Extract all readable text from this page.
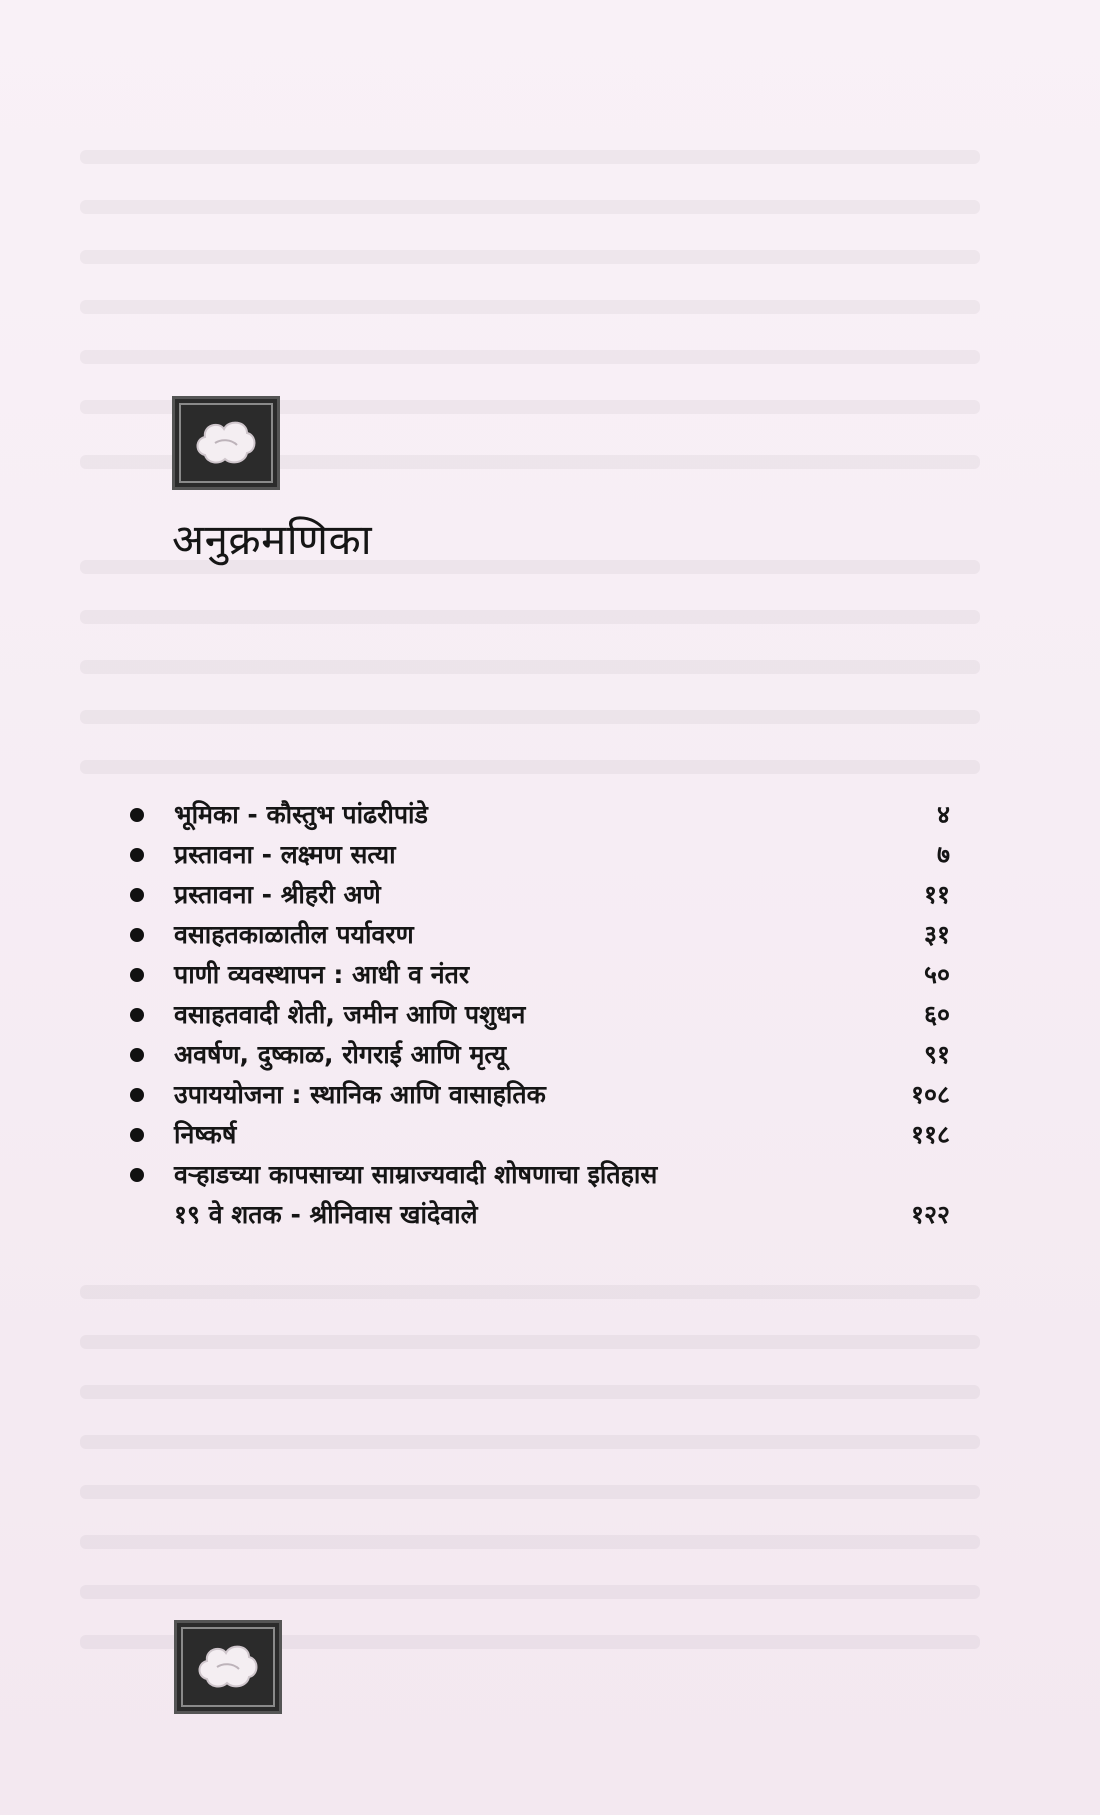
अनुक्रमणिका
भूमिका - कौस्तुभ पांढरीपांडे	४
प्रस्तावना - लक्ष्मण सत्या	७
प्रस्तावना - श्रीहरी अणे	११
वसाहतकाळातील पर्यावरण	३१
पाणी व्यवस्थापन : आधी व नंतर	५०
वसाहतवादी शेती, जमीन आणि पशुधन	६०
अवर्षण, दुष्काळ, रोगराई आणि मृत्यू	९१
उपाययोजना : स्थानिक आणि वासाहतिक	१०८
निष्कर्ष	११८
वऱ्हाडच्या कापसाच्या साम्राज्यवादी शोषणाचा इतिहास
१९ वे शतक - श्रीनिवास खांदेवाले	१२२
